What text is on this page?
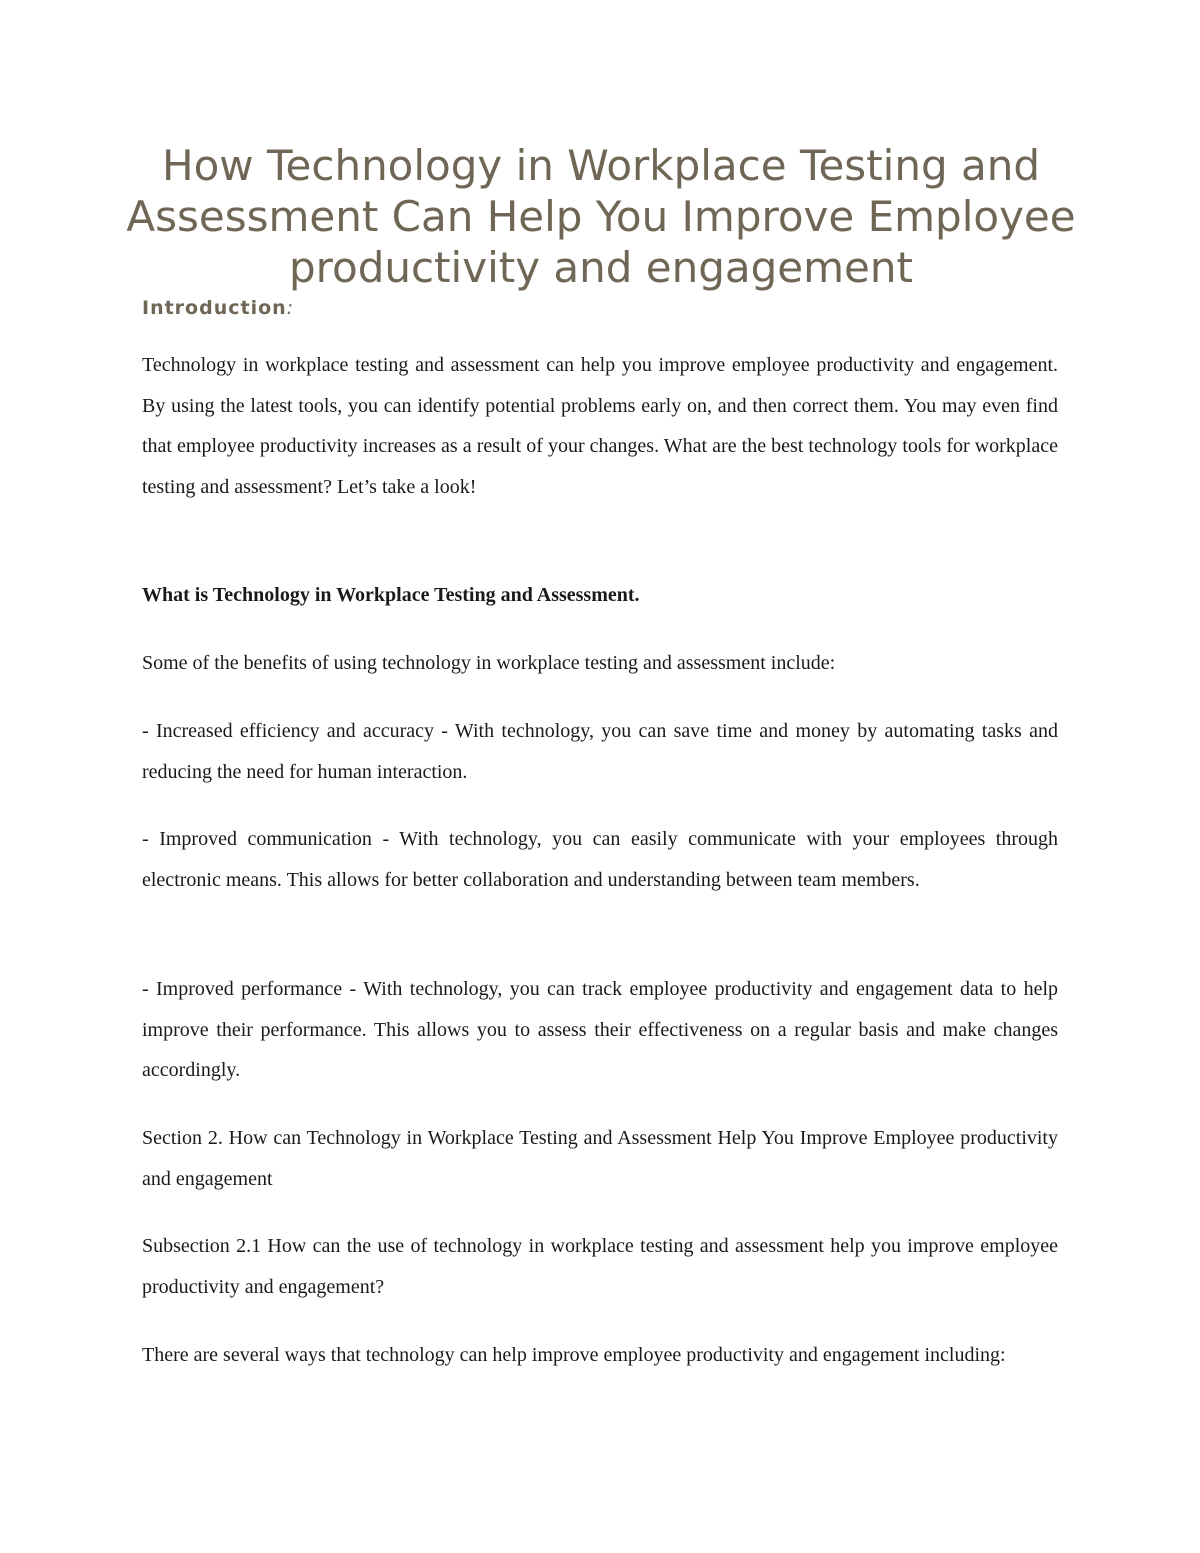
How Technology in Workplace Testing and Assessment Can Help You Improve Employee productivity and engagement

Introduction:

Technology in workplace testing and assessment can help you improve employee productivity and engagement. By using the latest tools, you can identify potential problems early on, and then correct them. You may even find that employee productivity increases as a result of your changes. What are the best technology tools for workplace testing and assessment? Let’s take a look!

What is Technology in Workplace Testing and Assessment.

Some of the benefits of using technology in workplace testing and assessment include:

- Increased efficiency and accuracy - With technology, you can save time and money by automating tasks and reducing the need for human interaction.

- Improved communication - With technology, you can easily communicate with your employees through electronic means. This allows for better collaboration and understanding between team members.

- Improved performance - With technology, you can track employee productivity and engagement data to help improve their performance. This allows you to assess their effectiveness on a regular basis and make changes accordingly.

Section 2. How can Technology in Workplace Testing and Assessment Help You Improve Employee productivity and engagement

Subsection 2.1 How can the use of technology in workplace testing and assessment help you improve employee productivity and engagement?

There are several ways that technology can help improve employee productivity and engagement including:
